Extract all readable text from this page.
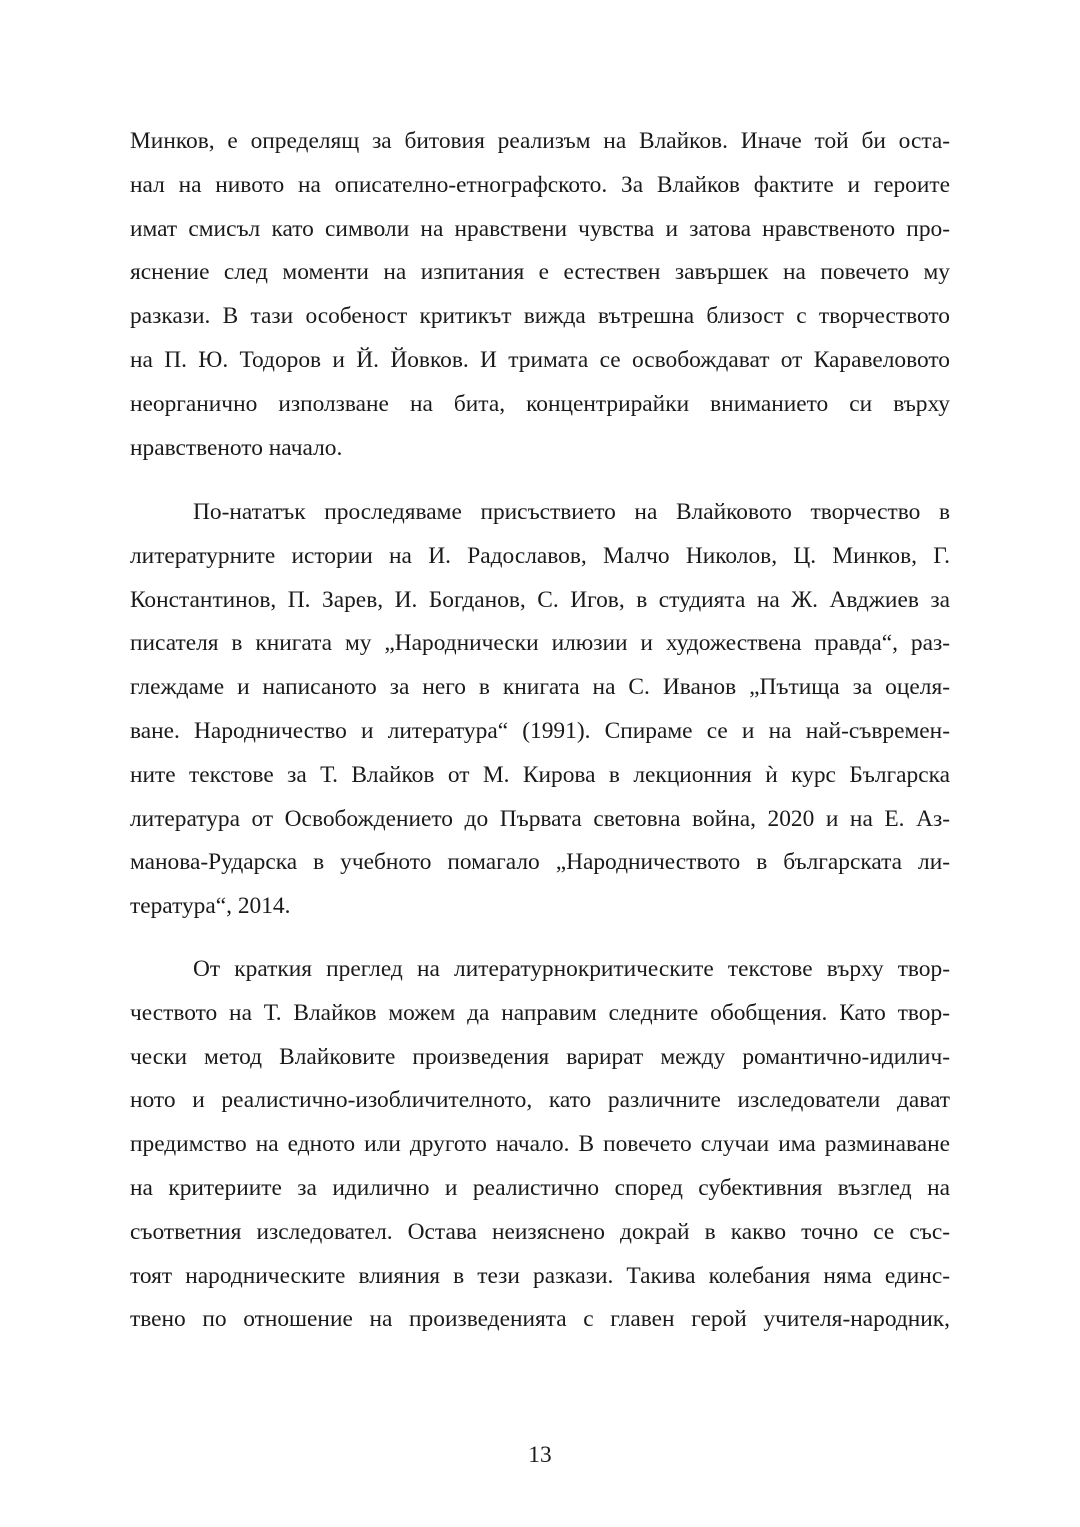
Минков, е определящ за битовия реализъм на Влайков. Иначе той би оста-
нал на нивото на описателно-етнографското. За Влайков фактите и героите
имат смисъл като символи на нравствени чувства и затова нравственото про-
яснение след моменти на изпитания е естествен завършек на повечето му
разкази. В тази особеност критикът вижда вътрешна близост с творчеството
на П. Ю. Тодоров и Й. Йовков. И тримата се освобождават от Каравеловото
неорганично използване на бита, концентрирайки вниманието си върху
нравственото начало.
По-нататък проследяваме присъствието на Влайковото творчество в
литературните истории на И. Радославов, Малчо Николов, Ц. Минков, Г.
Константинов, П. Зарев, И. Богданов, С. Игов, в студията на Ж. Авджиев за
писателя в книгата му „Народнически илюзии и художествена правда“, раз-
глеждаме и написаното за него в книгата на С. Иванов „Пътища за оцеля-
ване. Народничество и литература“ (1991). Спираме се и на най-съвремен-
ните текстове за Т. Влайков от М. Кирова в лекционния ѝ курс Българска
литература от Освобождението до Първата световна война, 2020 и на Е. Аз-
манова-Рударска в учебното помагало „Народничеството в българската ли-
тература“, 2014.
От краткия преглед на литературнокритическите текстове върху твор-
чеството на Т. Влайков можем да направим следните обобщения. Като твор-
чески метод Влайковите произведения варират между романтично-идилич-
ното и реалистично-изобличителното, като различните изследователи дават
предимство на едното или другото начало. В повечето случаи има разминаване
на критериите за идилично и реалистично според субективния възглед на
съответния изследовател. Остава неизяснено докрай в какво точно се със-
тоят народническите влияния в тези разкази. Такива колебания няма единс-
твено по отношение на произведенията с главен герой учителя-народник,
13
